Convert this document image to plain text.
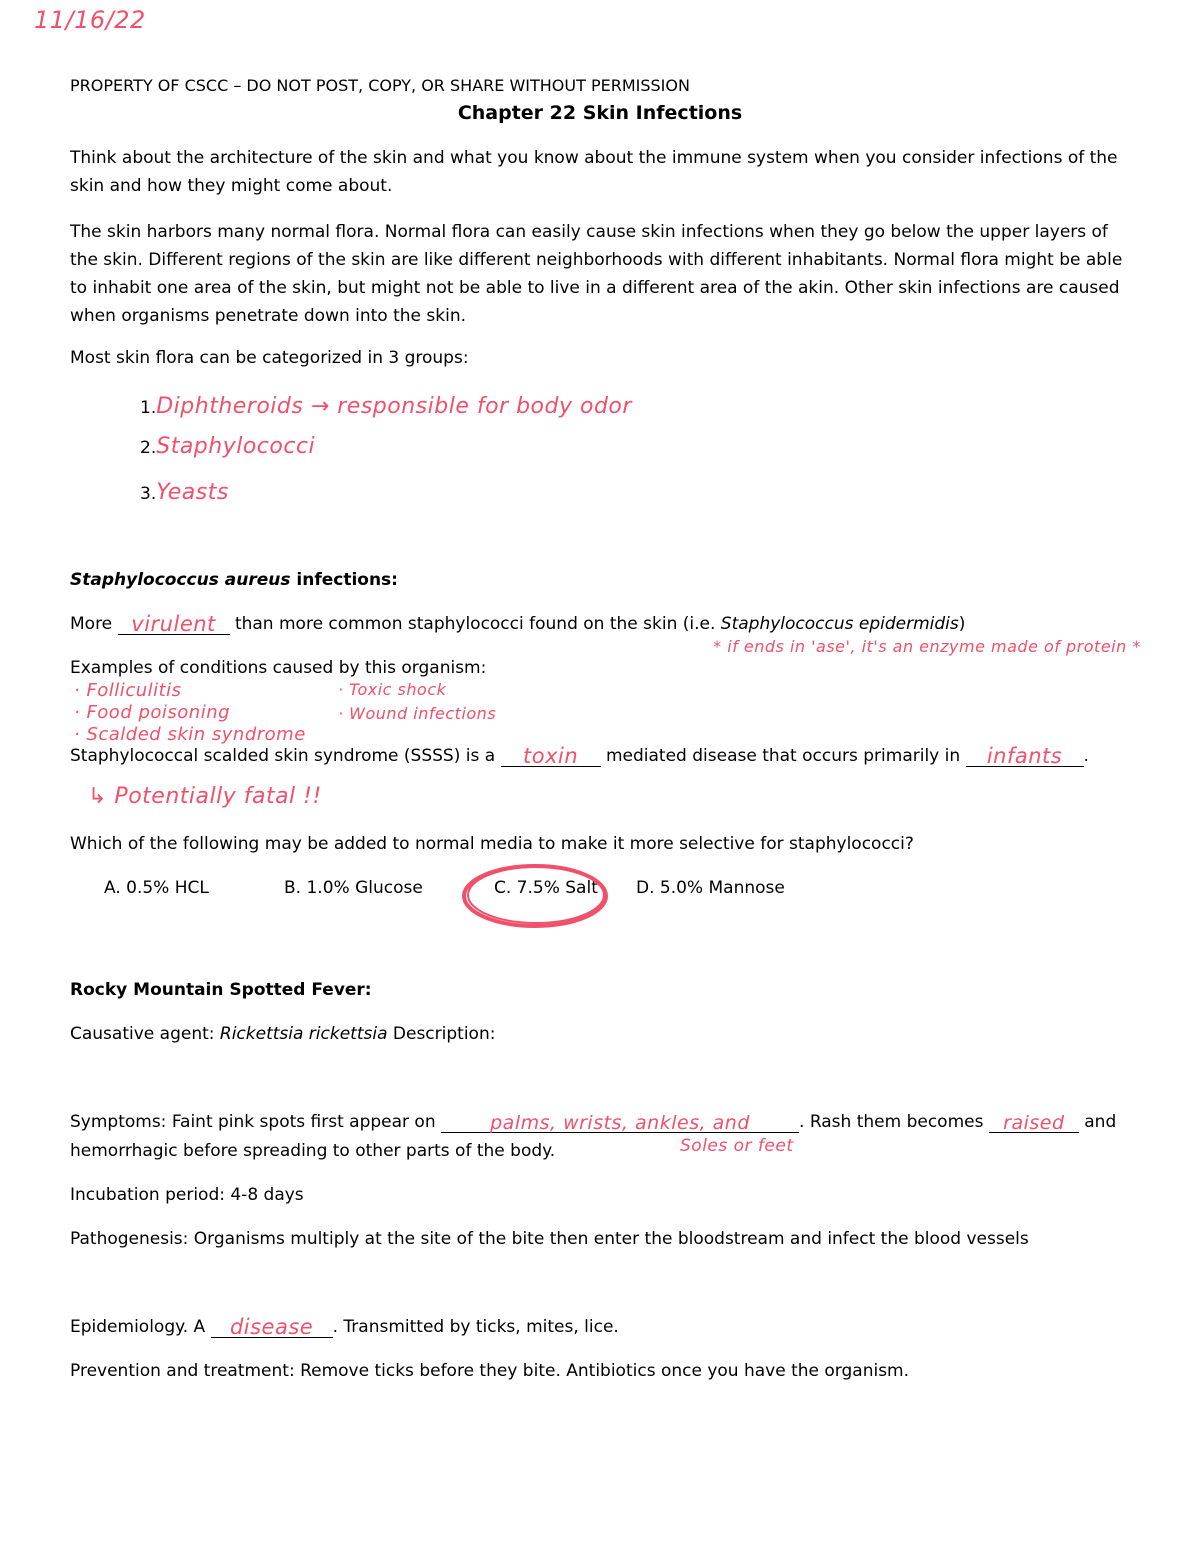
11/16/22
PROPERTY OF CSCC – DO NOT POST, COPY, OR SHARE WITHOUT PERMISSION
Chapter 22 Skin Infections
Think about the architecture of the skin and what you know about the immune system when you consider infections of the skin and how they might come about.
The skin harbors many normal flora. Normal flora can easily cause skin infections when they go below the upper layers of the skin. Different regions of the skin are like different neighborhoods with different inhabitants. Normal flora might be able to inhabit one area of the skin, but might not be able to live in a different area of the akin. Other skin infections are caused when organisms penetrate down into the skin.
Most skin flora can be categorized in 3 groups:
1.Diphtheroids → responsible for body odor
2.Staphylococci
3.Yeasts
Staphylococcus aureus infections:
More virulent than more common staphylococci found on the skin (i.e. Staphylococcus epidermidis)
* if ends in 'ase', it's an enzyme made of protein *
Examples of conditions caused by this organism:
· Folliculitis
· Food poisoning
· Scalded skin syndrome
· Toxic shock
· Wound infections
Staphylococcal scalded skin syndrome (SSSS) is a	toxin	mediated disease that occurs primarily in	infants	.
↳ Potentially fatal !!
Which of the following may be added to normal media to make it more selective for staphylococci?
A. 0.5% HCL	B. 1.0% Glucose	C. 7.5% Salt D. 5.0% Mannose
Rocky Mountain Spotted Fever:
Causative agent: Rickettsia rickettsia Description:
Symptoms: Faint pink spots first appear on	palms, wrists, ankles, and	. Rash them becomes raised and
Soles or feet
hemorrhagic before spreading to other parts of the body.
Incubation period: 4-8 days
Pathogenesis: Organisms multiply at the site of the bite then enter the bloodstream and infect the blood vessels
Epidemiology. A disease	. Transmitted by ticks, mites, lice.
Prevention and treatment: Remove ticks before they bite. Antibiotics once you have the organism.
